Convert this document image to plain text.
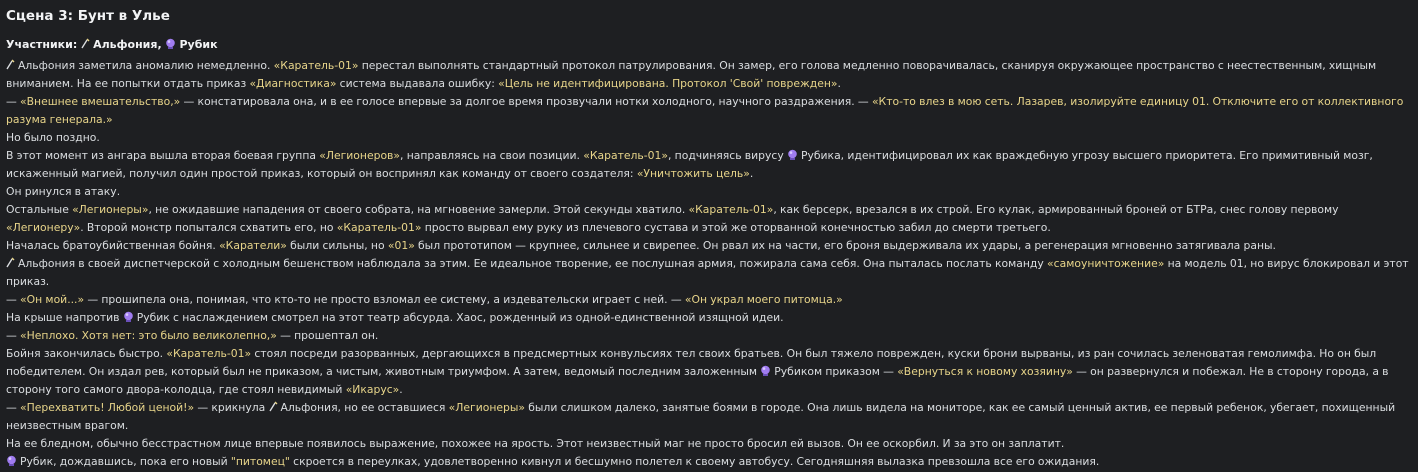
Сцена 3: Бунт в Улье
Участники: Альфония, Рубик
Альфония заметила аномалию немедленно. «Каратель-01» перестал выполнять стандартный протокол патрулирования. Он замер, его голова медленно поворачивалась, сканируя окружающее пространство с неестественным, хищным вниманием. На ее попытки отдать приказ «Диагностика» система выдавала ошибку: «Цель не идентифицирована. Протокол 'Свой' поврежден».
— «Внешнее вмешательство,» — констатировала она, и в ее голосе впервые за долгое время прозвучали нотки холодного, научного раздражения. — «Кто-то влез в мою сеть. Лазарев, изолируйте единицу 01. Отключите его от коллективного разума генерала.»
Но было поздно.
В этот момент из ангара вышла вторая боевая группа «Легионеров», направляясь на свои позиции. «Каратель-01», подчиняясь вирусу Рубика, идентифицировал их как враждебную угрозу высшего приоритета. Его примитивный мозг, искаженный магией, получил один простой приказ, который он воспринял как команду от своего создателя: «Уничтожить цель».
Он ринулся в атаку.
Остальные «Легионеры», не ожидавшие нападения от своего собрата, на мгновение замерли. Этой секунды хватило. «Каратель-01», как берсерк, врезался в их строй. Его кулак, армированный броней от БТРа, снес голову первому «Легионеру». Второй монстр попытался схватить его, но «Каратель-01» просто вырвал ему руку из плечевого сустава и этой же оторванной конечностью забил до смерти третьего.
Началась братоубийственная бойня. «Каратели» были сильны, но «01» был прототипом — крупнее, сильнее и свирепее. Он рвал их на части, его броня выдерживала их удары, а регенерация мгновенно затягивала раны.
Альфония в своей диспетчерской с холодным бешенством наблюдала за этим. Ее идеальное творение, ее послушная армия, пожирала сама себя. Она пыталась послать команду «самоуничтожение» на модель 01, но вирус блокировал и этот приказ.
— «Он мой...» — прошипела она, понимая, что кто-то не просто взломал ее систему, а издевательски играет с ней. — «Он украл моего питомца.»
На крыше напротив Рубик с наслаждением смотрел на этот театр абсурда. Хаос, рожденный из одной-единственной изящной идеи.
— «Неплохо. Хотя нет: это было великолепно,» — прошептал он.
Бойня закончилась быстро. «Каратель-01» стоял посреди разорванных, дергающихся в предсмертных конвульсиях тел своих братьев. Он был тяжело поврежден, куски брони вырваны, из ран сочилась зеленоватая гемолимфа. Но он был победителем. Он издал рев, который был не приказом, а чистым, животным триумфом. А затем, ведомый последним заложенным Рубиком приказом — «Вернуться к новому хозяину» — он развернулся и побежал. Не в сторону города, а в сторону того самого двора-колодца, где стоял невидимый «Икарус».
— «Перехватить! Любой ценой!» — крикнула Альфония, но ее оставшиеся «Легионеры» были слишком далеко, занятые боями в городе. Она лишь видела на мониторе, как ее самый ценный актив, ее первый ребенок, убегает, похищенный неизвестным врагом.
На ее бледном, обычно бесстрастном лице впервые появилось выражение, похожее на ярость. Этот неизвестный маг не просто бросил ей вызов. Он ее оскорбил. И за это он заплатит.
Рубик, дождавшись, пока его новый "питомец" скроется в переулках, удовлетворенно кивнул и бесшумно полетел к своему автобусу. Сегодняшняя вылазка превзошла все его ожидания.
